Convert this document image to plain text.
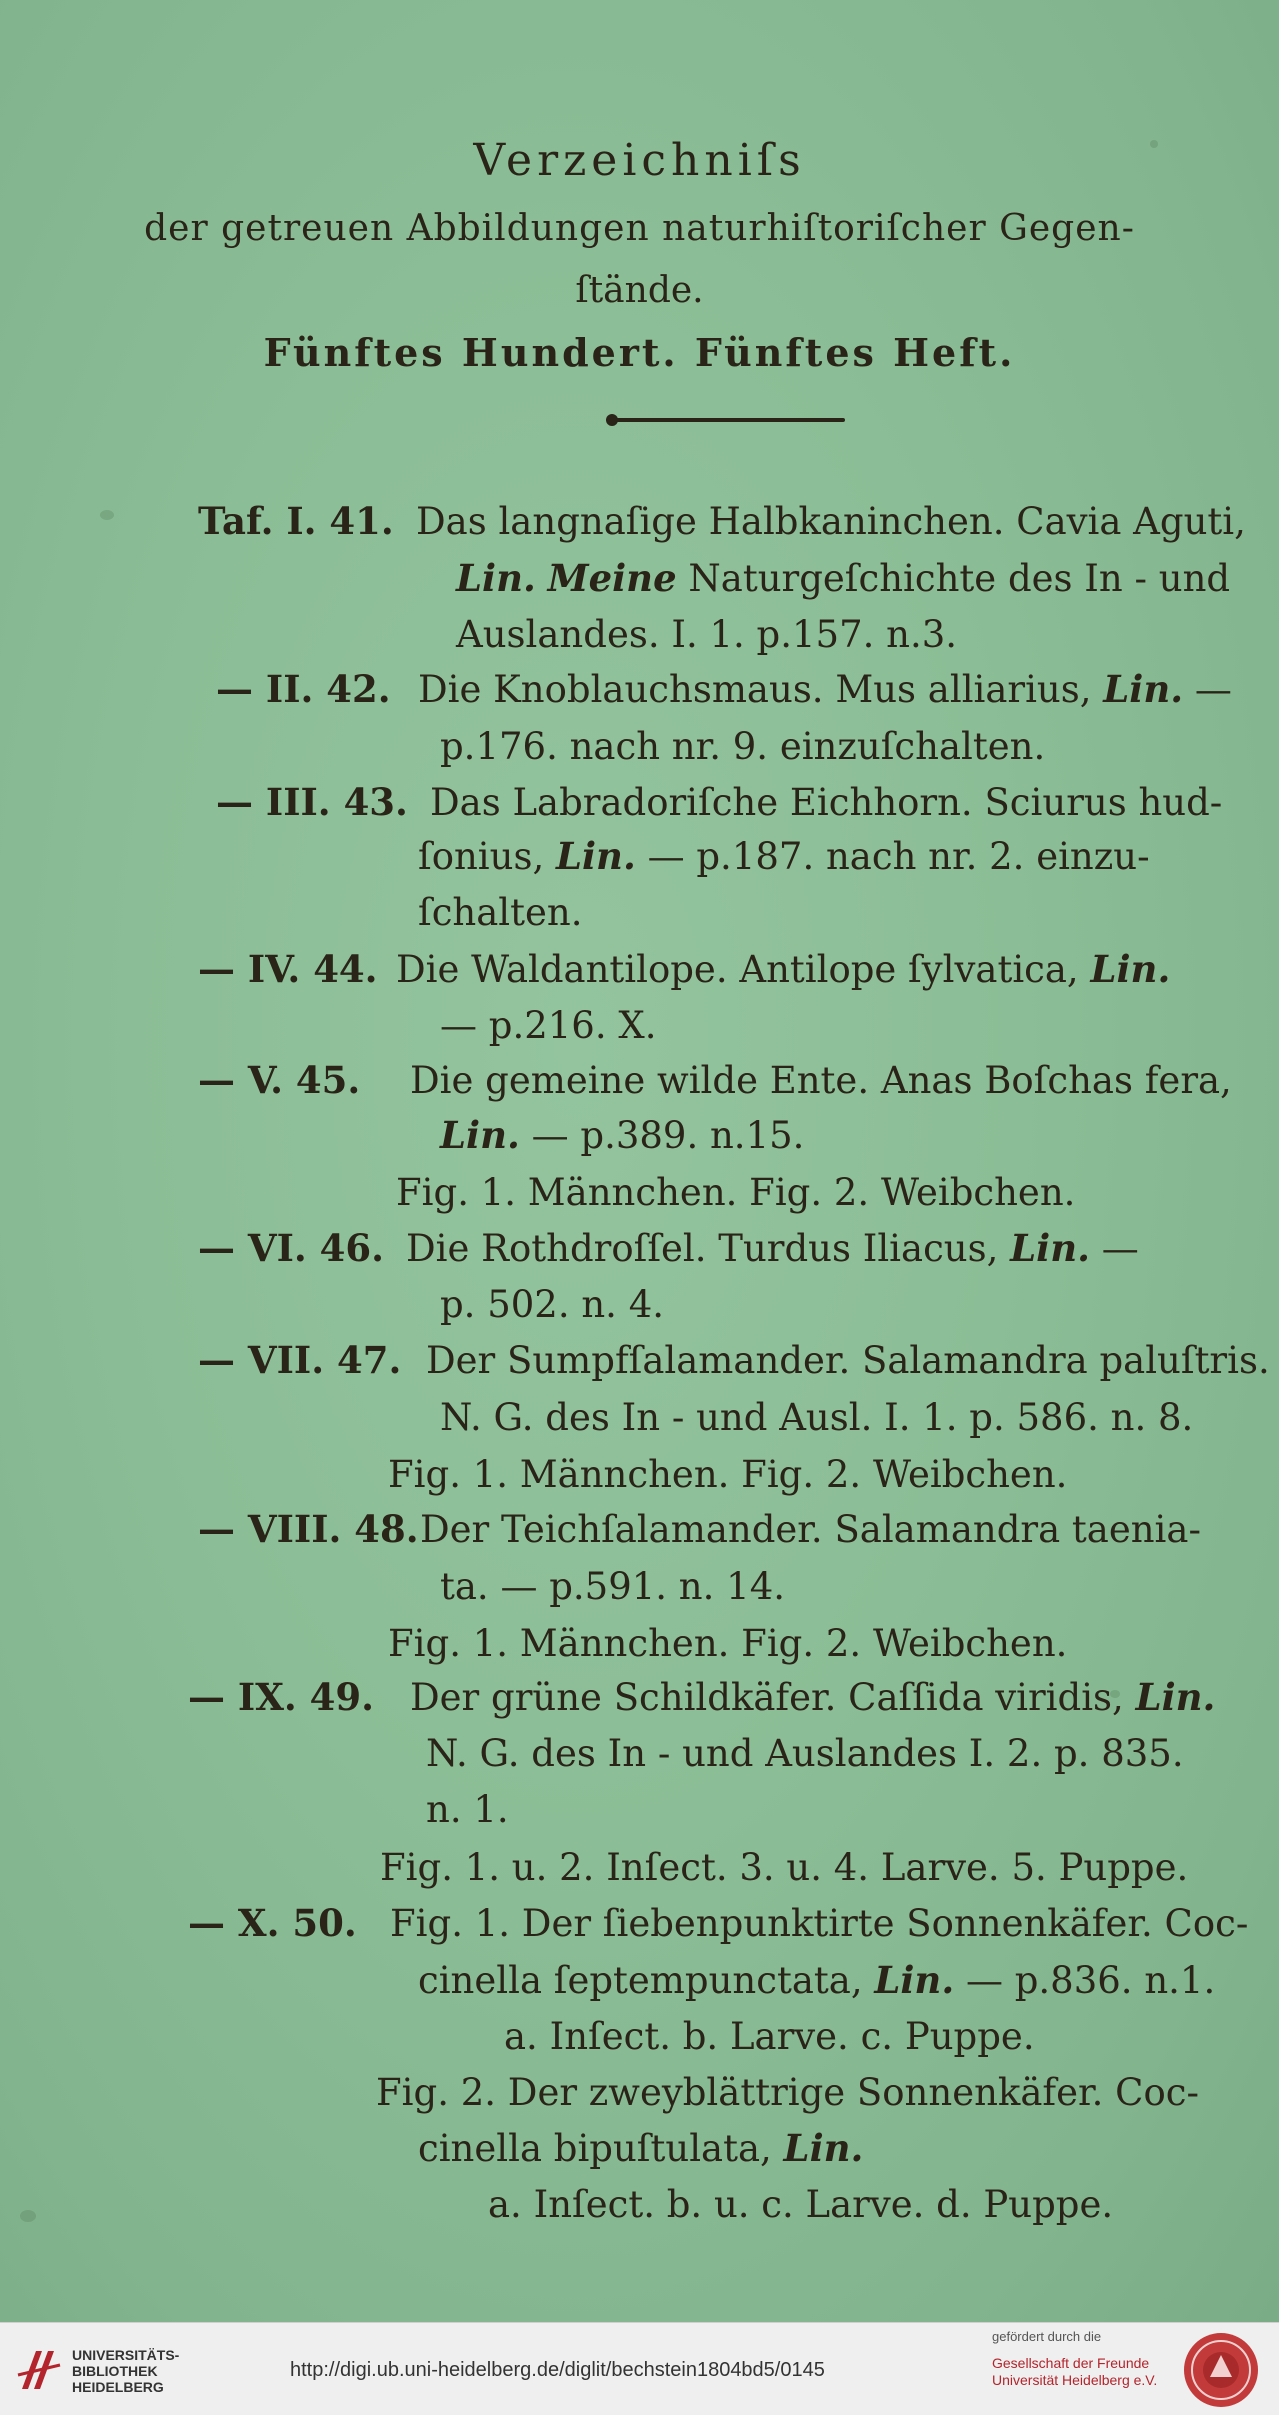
Verzeichniſs
der getreuen Abbildungen naturhiſtoriſcher Gegen-
ſtände.
Fünftes Hundert. Fünftes Heft.
Taf. I. 41. Das langnaſige Halbkaninchen. Cavia Aguti,
Lin. Meine Naturgeſchichte des In - und
Auslandes. I. 1. p.157. n.3.
— II. 42. Die Knoblauchsmaus. Mus alliarius, Lin. —
p.176. nach nr. 9. einzuſchalten.
— III. 43. Das Labradoriſche Eichhorn. Sciurus hud-
ſonius, Lin. — p.187. nach nr. 2. einzu-
ſchalten.
— IV. 44. Die Waldantilope. Antilope ſylvatica, Lin.
— p.216. X.
— V. 45. Die gemeine wilde Ente. Anas Boſchas fera,
Lin. — p.389. n.15.
Fig. 1. Männchen. Fig. 2. Weibchen.
— VI. 46. Die Rothdroſſel. Turdus Iliacus, Lin. —
p. 502. n. 4.
— VII. 47. Der Sumpfſalamander. Salamandra paluſtris.
N. G. des In - und Ausl. I. 1. p. 586. n. 8.
Fig. 1. Männchen. Fig. 2. Weibchen.
— VIII. 48.Der Teichſalamander. Salamandra taenia-
ta. — p.591. n. 14.
Fig. 1. Männchen. Fig. 2. Weibchen.
— IX. 49. Der grüne Schildkäfer. Caſſida viridis, Lin.
N. G. des In - und Auslandes I. 2. p. 835.
n. 1.
Fig. 1. u. 2. Inſect. 3. u. 4. Larve. 5. Puppe.
— X. 50. Fig. 1. Der ſiebenpunktirte Sonnenkäfer. Coc-
cinella ſeptempunctata, Lin. — p.836. n.1.
a. Inſect. b. Larve. c. Puppe.
Fig. 2. Der zweyblättrige Sonnenkäfer. Coc-
cinella bipuſtulata, Lin.
a. Inſect. b. u. c. Larve. d. Puppe.
UNIVERSITÄTS-
BIBLIOTHEK
HEIDELBERG
http://digi.ub.uni-heidelberg.de/diglit/bechstein1804bd5/0145
gefördert durch die
Gesellschaft der Freunde
Universität Heidelberg e.V.
